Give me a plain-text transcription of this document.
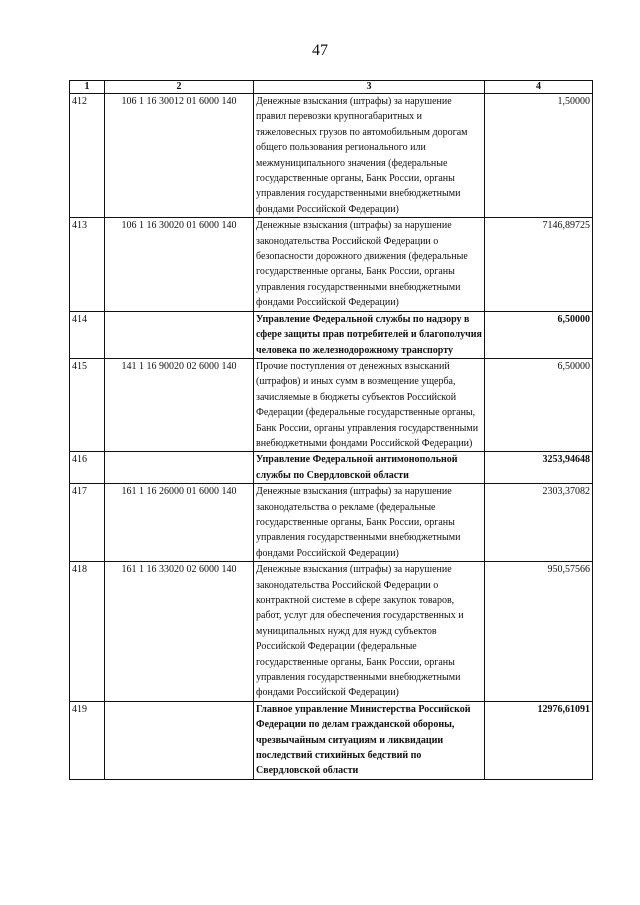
47
1	2	3	4
412	106 1 16 30012 01 6000 140	Денежные взыскания (штрафы) за нарушение правил перевозки крупногабаритных и тяжеловесных грузов по автомобильным дорогам общего пользования регионального или межмуниципального значения (федеральные государственные органы, Банк России, органы управления государственными внебюджетными фондами Российской Федерации)	1,50000
413	106 1 16 30020 01 6000 140	Денежные взыскания (штрафы) за нарушение законодательства Российской Федерации о безопасности дорожного движения (федеральные государственные органы, Банк России, органы управления государственными внебюджетными фондами Российской Федерации)	7146,89725
414		Управление Федеральной службы по надзору в сфере защиты прав потребителей и благополучия человека по железнодорожному транспорту	6,50000
415	141 1 16 90020 02 6000 140	Прочие поступления от денежных взысканий (штрафов) и иных сумм в возмещение ущерба, зачисляемые в бюджеты субъектов Российской Федерации (федеральные государственные органы, Банк России, органы управления государственными внебюджетными фондами Российской Федерации)	6,50000
416		Управление Федеральной антимонопольной службы по Свердловской области	3253,94648
417	161 1 16 26000 01 6000 140	Денежные взыскания (штрафы) за нарушение законодательства о рекламе (федеральные государственные органы, Банк России, органы управления государственными внебюджетными фондами Российской Федерации)	2303,37082
418	161 1 16 33020 02 6000 140	Денежные взыскания (штрафы) за нарушение законодательства Российской Федерации о контрактной системе в сфере закупок товаров, работ, услуг для обеспечения государственных и муниципальных нужд для нужд субъектов Российской Федерации (федеральные государственные органы, Банк России, органы управления государственными внебюджетными фондами Российской Федерации)	950,57566
419		Главное управление Министерства Российской Федерации по делам гражданской обороны, чрезвычайным ситуациям и ликвидации последствий стихийных бедствий по Свердловской области	12976,61091
